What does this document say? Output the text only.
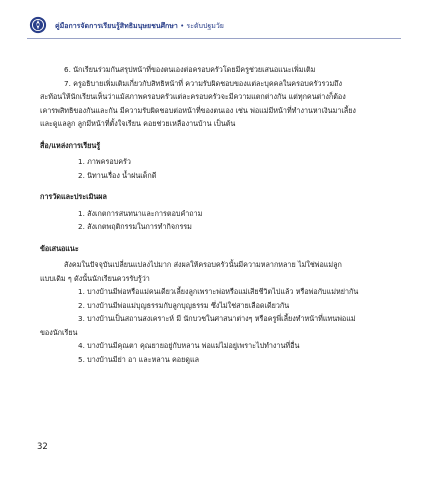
คู่มือการจัดการเรียนรู้สิทธิมนุษยชนศึกษา • ระดับปฐมวัย

6. นักเรียนร่วมกันสรุปหน้าที่ของตนเองต่อครอบครัวโดยมีครูช่วยเสนอแนะเพิ่มเติม

7. ครูอธิบายเพิ่มเติมเกี่ยวกับสิทธิหน้าที่ ความรับผิดชอบของแต่ละบุคคลในครอบครัวรวมถึง

สะท้อนให้นักเรียนเห็นว่าแม้สภาพครอบครัวแต่ละครอบครัวจะมีความแตกต่างกัน แต่ทุกคนต่างก็ต้อง

เคารพสิทธิของกันและกัน มีความรับผิดชอบต่อหน้าที่ของตนเอง เช่น พ่อแม่มีหน้าที่ทำงานหาเงินมาเลี้ยง

และดูแลลูก ลูกมีหน้าที่ตั้งใจเรียน คอยช่วยเหลืองานบ้าน เป็นต้น

สื่อ/แหล่งการเรียนรู้

1. ภาพครอบครัว

2. นิทานเรื่อง น้ำฝนเด็กดี

การวัดและประเมินผล

1. สังเกตการสนทนาและการตอบคำถาม

2. สังเกตพฤติกรรมในการทำกิจกรรม

ข้อเสนอแนะ

สังคมในปัจจุบันเปลี่ยนแปลงไปมาก ส่งผลให้ครอบครัวนั้นมีความหลากหลาย ไม่ใช่พ่อแม่ลูก

แบบเดิม ๆ ดังนั้นนักเรียนควรรับรู้ว่า

1. บางบ้านมีพ่อหรือแม่คนเดียวเลี้ยงลูกเพราะพ่อหรือแม่เสียชีวิตไปแล้ว หรือพ่อกับแม่หย่ากัน

2. บางบ้านมีพ่อแม่บุญธรรมกับลูกบุญธรรม ซึ่งไม่ใช่สายเลือดเดียวกัน

3. บางบ้านเป็นสถานสงเคราะห์ มี นักบวชในศาสนาต่างๆ หรือครูพี่เลี้ยงทำหน้าที่แทนพ่อแม่

ของนักเรียน

4. บางบ้านมีคุณตา คุณยายอยู่กับหลาน พ่อแม่ไม่อยู่เพราะไปทำงานที่อื่น

5. บางบ้านมีย่า อา และหลาน คอยดูแล

32
